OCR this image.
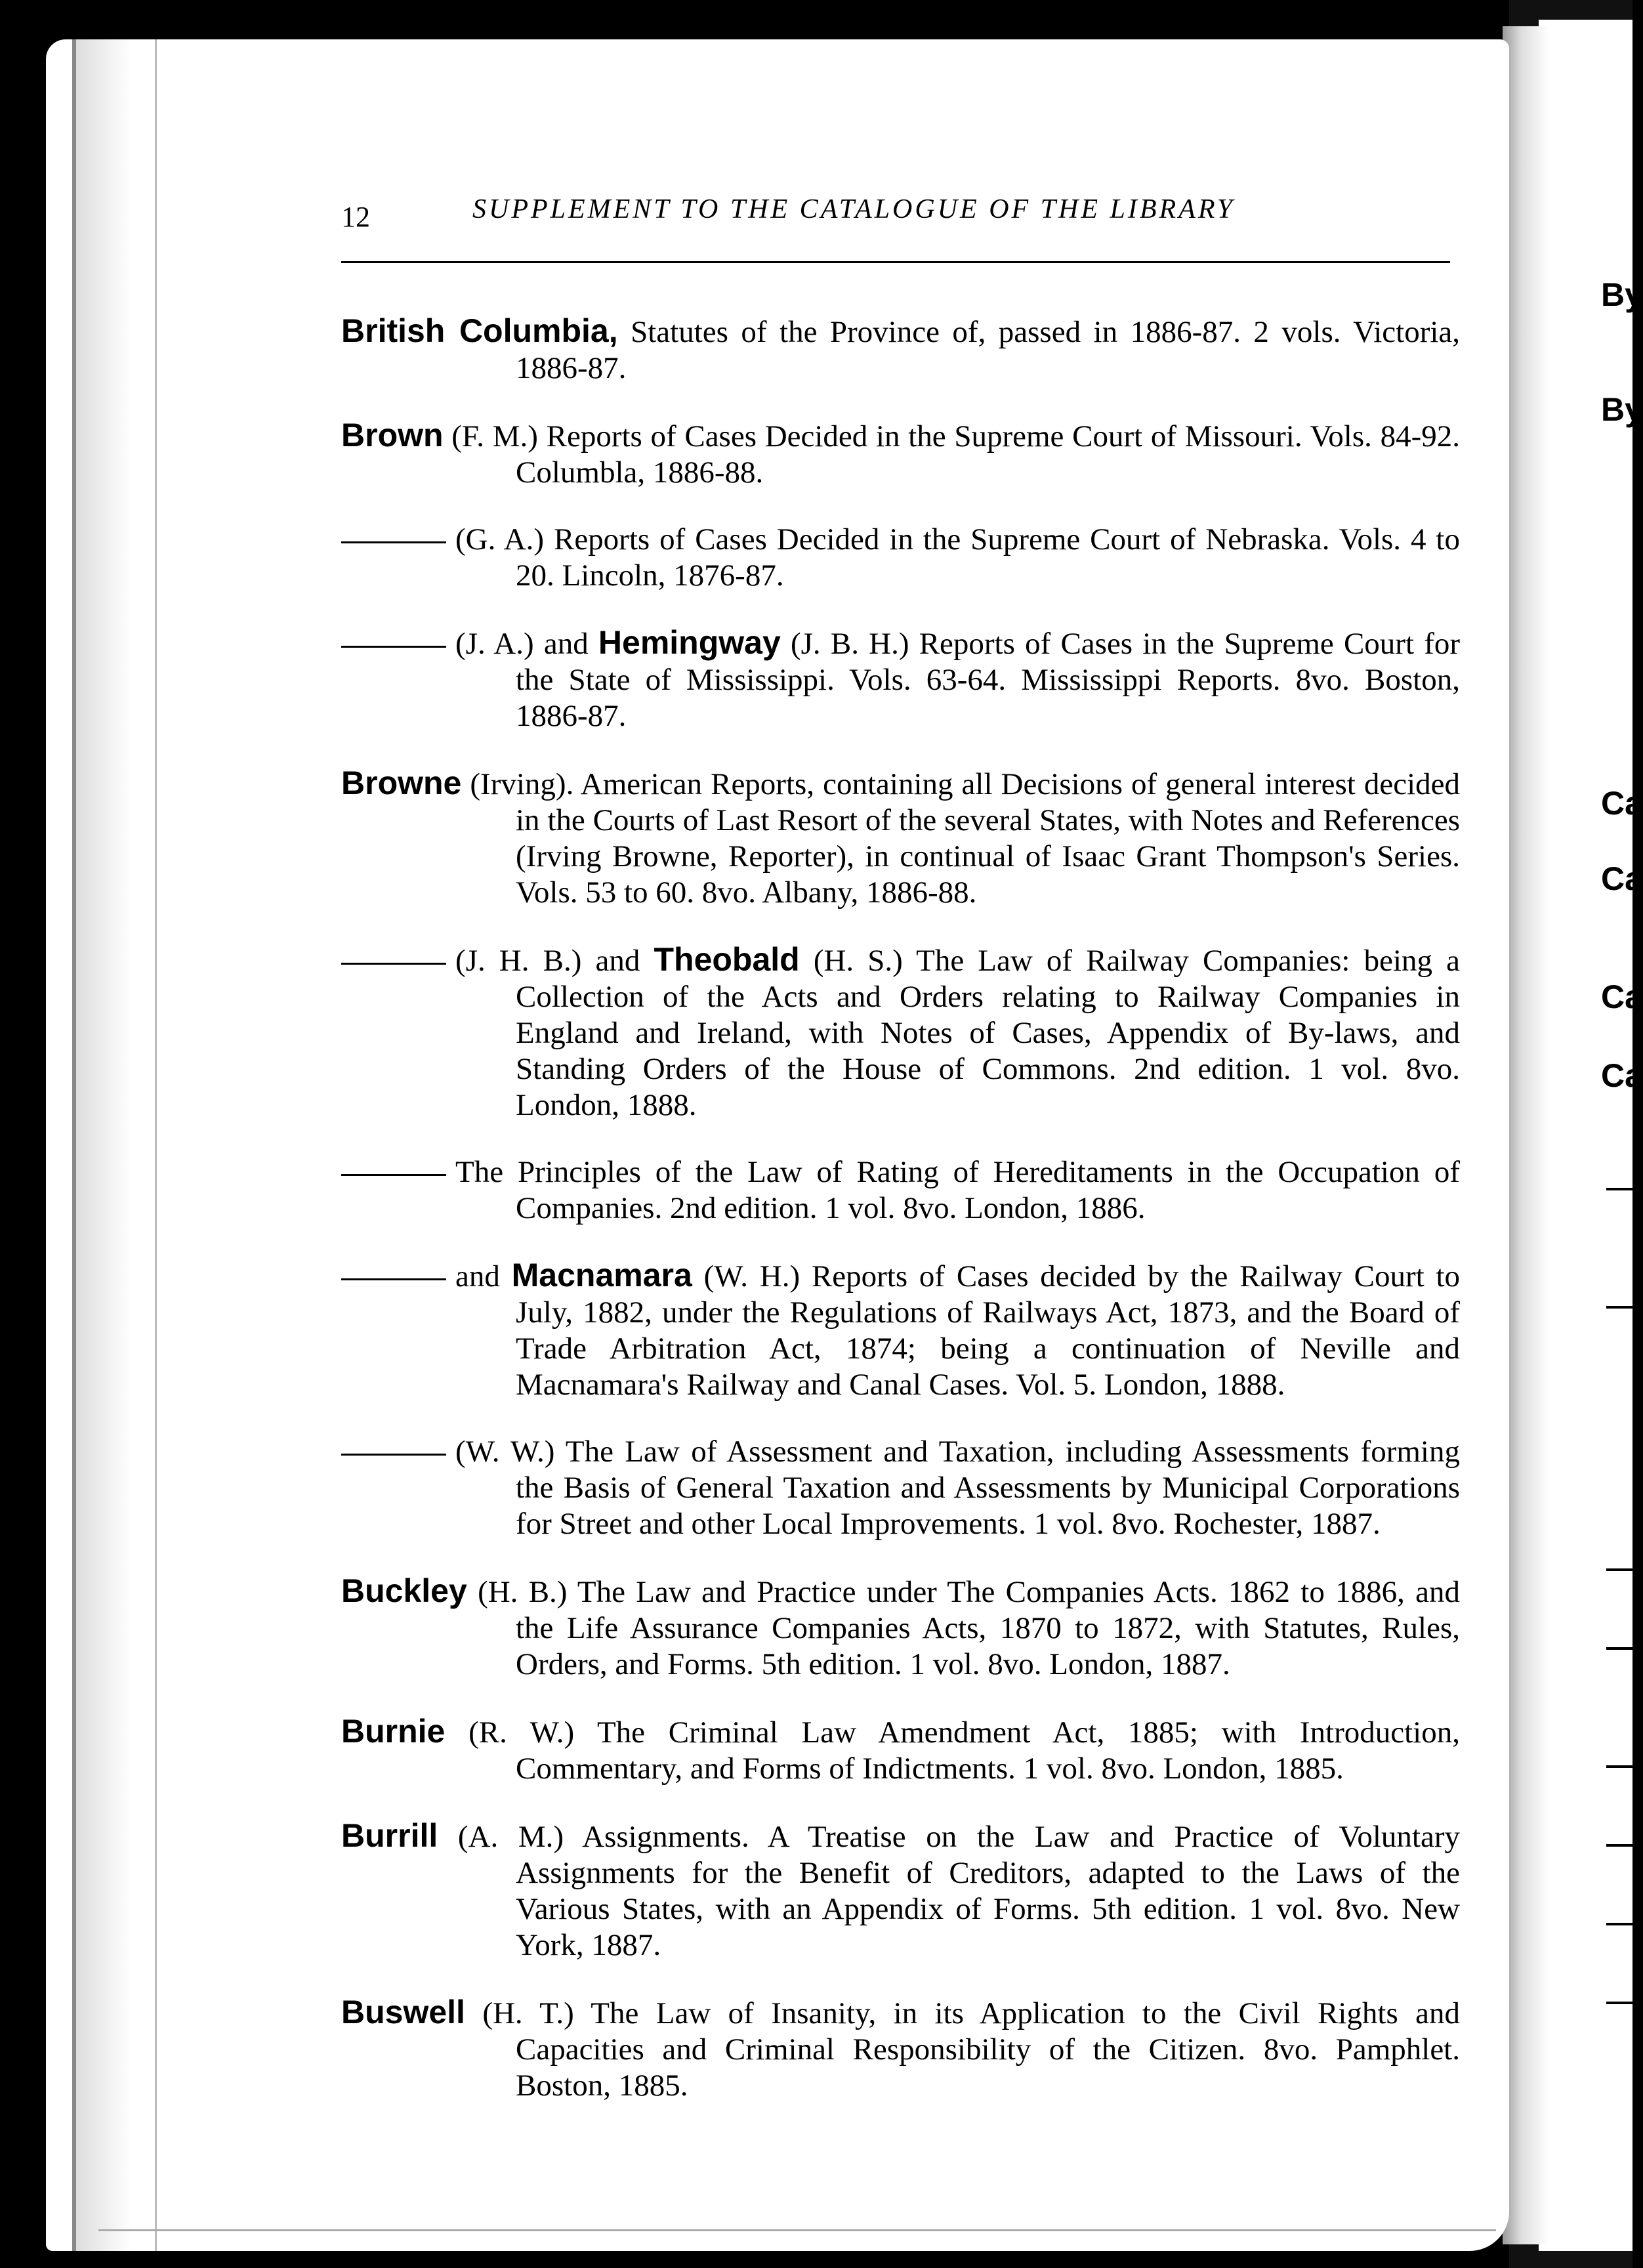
12	SUPPLEMENT TO THE CATALOGUE OF THE LIBRARY

British Columbia, Statutes of the Province of, passed in 1886-87. 2 vols. Victoria, 1886-87.

Brown (F. M.) Reports of Cases Decided in the Supreme Court of Missouri. Vols. 84-92. Columbla, 1886-88.

(G. A.) Reports of Cases Decided in the Supreme Court of Nebraska. Vols. 4 to 20. Lincoln, 1876-87.

(J. A.) and Hemingway (J. B. H.) Reports of Cases in the Supreme Court for the State of Mississippi. Vols. 63-64. Mississippi Reports. 8vo. Boston, 1886-87.

Browne (Irving). American Reports, containing all Decisions of general interest decided in the Courts of Last Resort of the several States, with Notes and References (Irving Browne, Reporter), in continual of Isaac Grant Thompson's Series. Vols. 53 to 60. 8vo. Albany, 1886-88.

(J. H. B.) and Theobald (H. S.) The Law of Railway Companies: being a Collection of the Acts and Orders relating to Railway Companies in England and Ireland, with Notes of Cases, Appendix of By-laws, and Standing Orders of the House of Commons. 2nd edition. 1 vol. 8vo. London, 1888.

The Principles of the Law of Rating of Hereditaments in the Occupation of Companies. 2nd edition. 1 vol. 8vo. London, 1886.

and Macnamara (W. H.) Reports of Cases decided by the Railway Court to July, 1882, under the Regulations of Railways Act, 1873, and the Board of Trade Arbitration Act, 1874; being a continuation of Neville and Macnamara's Railway and Canal Cases. Vol. 5. London, 1888.

(W. W.) The Law of Assessment and Taxation, including Assessments forming the Basis of General Taxation and Assessments by Municipal Corporations for Street and other Local Improvements. 1 vol. 8vo. Rochester, 1887.

Buckley (H. B.) The Law and Practice under The Companies Acts. 1862 to 1886, and the Life Assurance Companies Acts, 1870 to 1872, with Statutes, Rules, Orders, and Forms. 5th edition. 1 vol. 8vo. London, 1887.

Burnie (R. W.) The Criminal Law Amendment Act, 1885; with Introduction, Commentary, and Forms of Indictments. 1 vol. 8vo. London, 1885.

Burrill (A. M.) Assignments. A Treatise on the Law and Practice of Voluntary Assignments for the Benefit of Creditors, adapted to the Laws of the Various States, with an Appendix of Forms. 5th edition. 1 vol. 8vo. New York, 1887.

Buswell (H. T.) The Law of Insanity, in its Application to the Civil Rights and Capacities and Criminal Responsibility of the Citizen. 8vo. Pamphlet. Boston, 1885.

By
By
Ca
Ca
Ca
Ca
